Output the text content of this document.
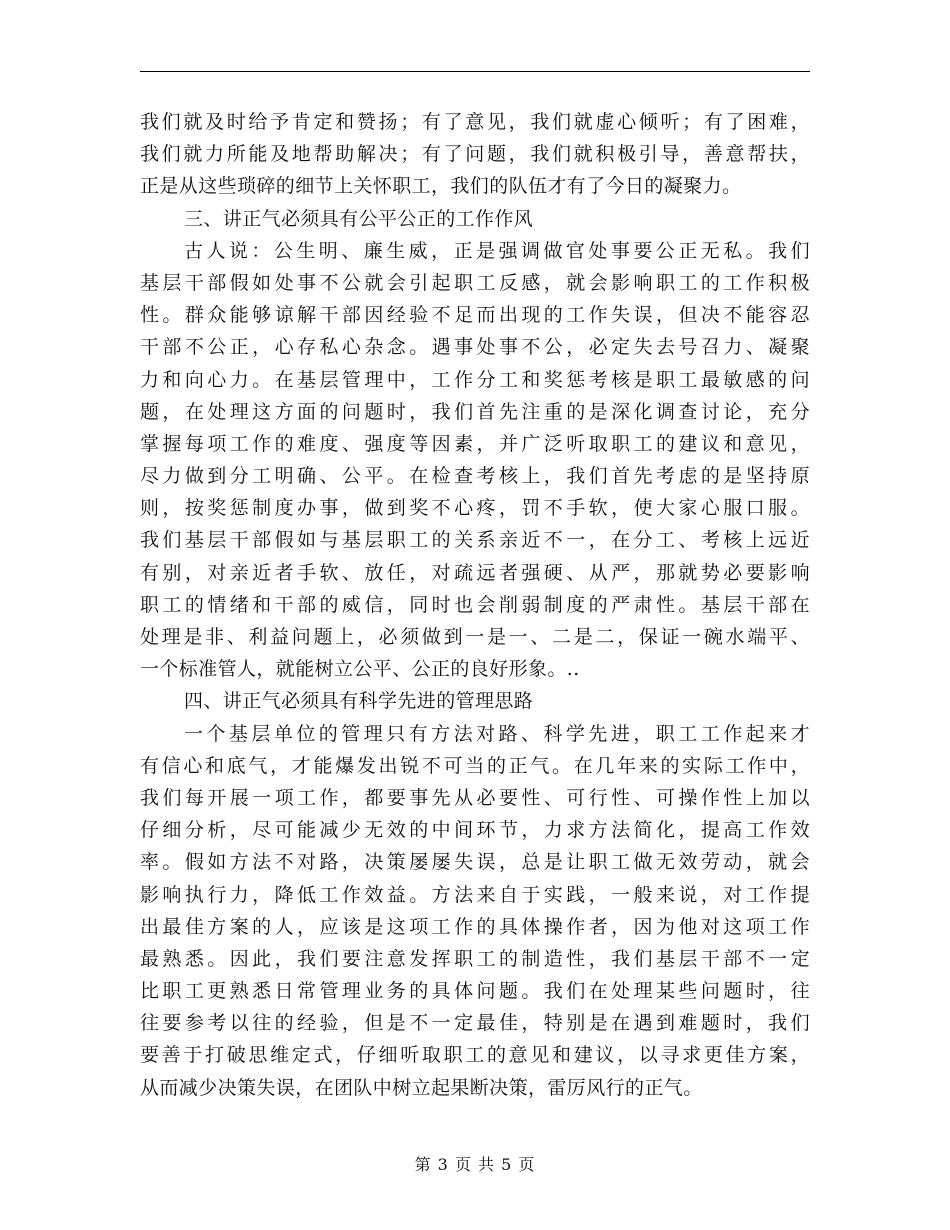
我们就及时给予肯定和赞扬；有了意见，我们就虚心倾听；有了困难，
我们就力所能及地帮助解决；有了问题，我们就积极引导，善意帮扶，
正是从这些琐碎的细节上关怀职工，我们的队伍才有了今日的凝聚力。
三、讲正气必须具有公平公正的工作作风
古人说：公生明、廉生威，正是强调做官处事要公正无私。我们
基层干部假如处事不公就会引起职工反感，就会影响职工的工作积极
性。群众能够谅解干部因经验不足而出现的工作失误，但决不能容忍
干部不公正，心存私心杂念。遇事处事不公，必定失去号召力、凝聚
力和向心力。在基层管理中，工作分工和奖惩考核是职工最敏感的问
题，在处理这方面的问题时，我们首先注重的是深化调查讨论，充分
掌握每项工作的难度、强度等因素，并广泛听取职工的建议和意见，
尽力做到分工明确、公平。在检查考核上，我们首先考虑的是坚持原
则，按奖惩制度办事，做到奖不心疼，罚不手软，使大家心服口服。
我们基层干部假如与基层职工的关系亲近不一，在分工、考核上远近
有别，对亲近者手软、放任，对疏远者强硬、从严，那就势必要影响
职工的情绪和干部的威信，同时也会削弱制度的严肃性。基层干部在
处理是非、利益问题上，必须做到一是一、二是二，保证一碗水端平、
一个标准管人，就能树立公平、公正的良好形象。..
四、讲正气必须具有科学先进的管理思路
一个基层单位的管理只有方法对路、科学先进，职工工作起来才
有信心和底气，才能爆发出锐不可当的正气。在几年来的实际工作中，
我们每开展一项工作，都要事先从必要性、可行性、可操作性上加以
仔细分析，尽可能减少无效的中间环节，力求方法简化，提高工作效
率。假如方法不对路，决策屡屡失误，总是让职工做无效劳动，就会
影响执行力，降低工作效益。方法来自于实践，一般来说，对工作提
出最佳方案的人，应该是这项工作的具体操作者，因为他对这项工作
最熟悉。因此，我们要注意发挥职工的制造性，我们基层干部不一定
比职工更熟悉日常管理业务的具体问题。我们在处理某些问题时，往
往要参考以往的经验，但是不一定最佳，特别是在遇到难题时，我们
要善于打破思维定式，仔细听取职工的意见和建议，以寻求更佳方案，
从而减少决策失误，在团队中树立起果断决策，雷厉风行的正气。
第 3 页 共 5 页
